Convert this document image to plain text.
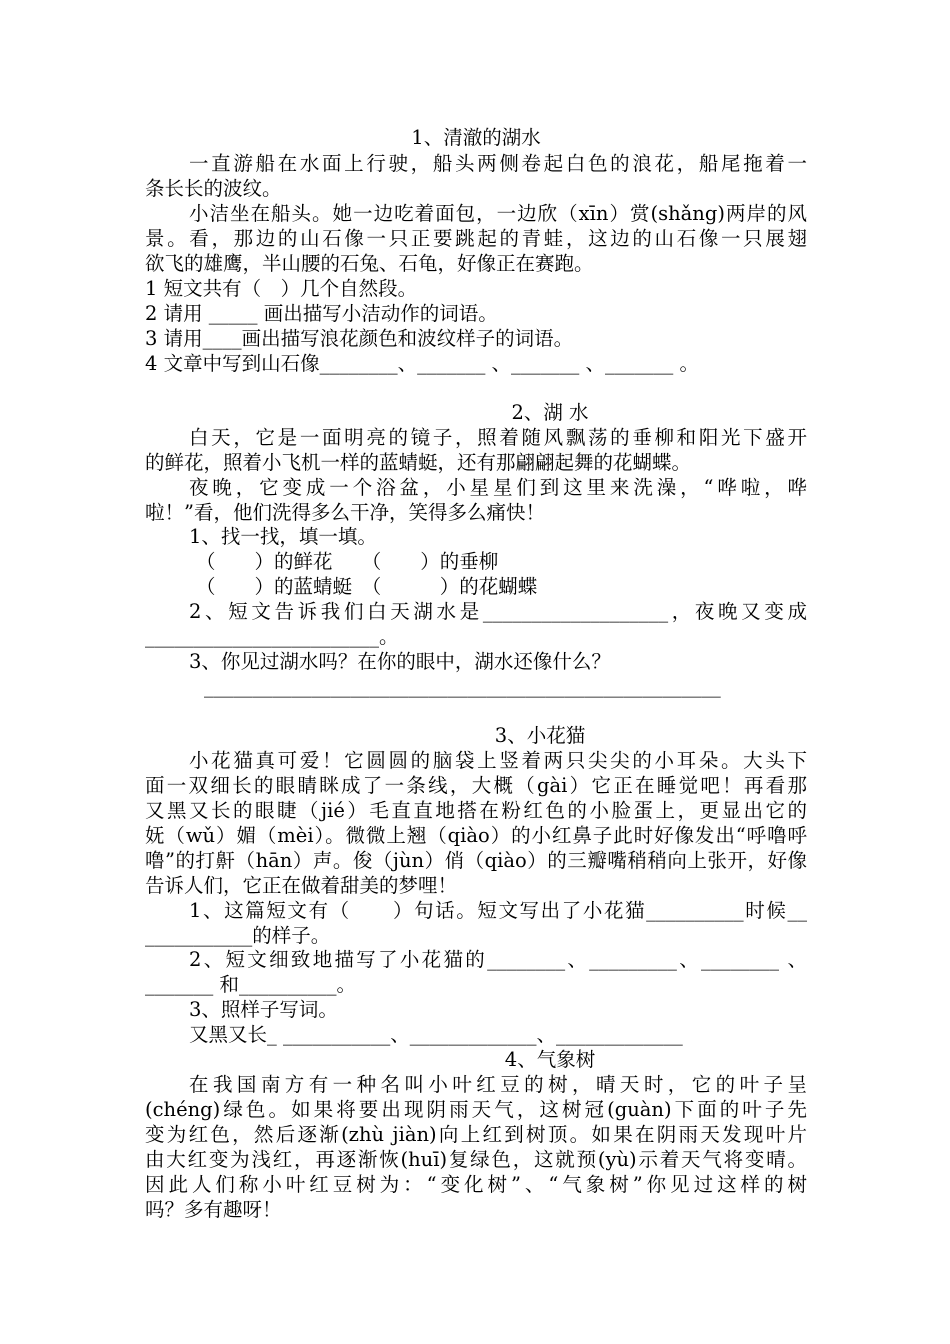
1、清澈的湖水
一直游船在水面上行驶，船头两侧卷起白色的浪花，船尾拖着一
条长长的波纹。
小洁坐在船头。她一边吃着面包，一边欣（xīn）赏(shǎng)两岸的风
景。看，那边的山石像一只正要跳起的青蛙，这边的山石像一只展翅
欲飞的雄鹰，半山腰的石兔、石龟，好像正在赛跑。
1 短文共有（　）几个自然段。
2 请用 _____ 画出描写小洁动作的词语。
3 请用____画出描写浪花颜色和波纹样子的词语。
4 文章中写到山石像________、_______ 、_______ 、_______ 。
2、湖 水
白天，它是一面明亮的镜子，照着随风飘荡的垂柳和阳光下盛开
的鲜花，照着小飞机一样的蓝蜻蜓，还有那翩翩起舞的花蝴蝶。
夜晚，它变成一个浴盆，小星星们到这里来洗澡，“哗啦，哗
啦！”看，他们洗得多么干净，笑得多么痛快！
1、找一找，填一填。
（　　）的鲜花　　（　　）的垂柳
（　　）的蓝蜻蜓　（　　　）的花蝴蝶
2、短文告诉我们白天湖水是___________________，夜晚又变成
________________________。
3、你见过湖水吗？在你的眼中，湖水还像什么？
_____________________________________________________
3、小花猫
小花猫真可爱！它圆圆的脑袋上竖着两只尖尖的小耳朵。大头下
面一双细长的眼睛眯成了一条线，大概（gài）它正在睡觉吧！再看那
又黑又长的眼睫（jié）毛直直地搭在粉红色的小脸蛋上，更显出它的
妩（wǔ）媚（mèi）。微微上翘（qiào）的小红鼻子此时好像发出“呼噜呼
噜”的打鼾（hān）声。俊（jùn）俏（qiào）的三瓣嘴稍稍向上张开，好像
告诉人们，它正在做着甜美的梦哩！
1、这篇短文有（　　）句话。短文写出了小花猫__________时候__
___________的样子。
2、短文细致地描写了小花猫的________、_________、________ 、
_______ 和__________。
3、照样子写词。
又黑又长_ ___________、_____________、_____________
4、气象树
在我国南方有一种名叫小叶红豆的树，晴天时，它的叶子呈
(chéng)绿色。如果将要出现阴雨天气，这树冠(guàn)下面的叶子先
变为红色，然后逐渐(zhù jiàn)向上红到树顶。如果在阴雨天发现叶片
由大红变为浅红，再逐渐恢(huī)复绿色，这就预(yù)示着天气将变晴。
因此人们称小叶红豆树为：“变化树”、“气象树”你见过这样的树
吗？多有趣呀！
